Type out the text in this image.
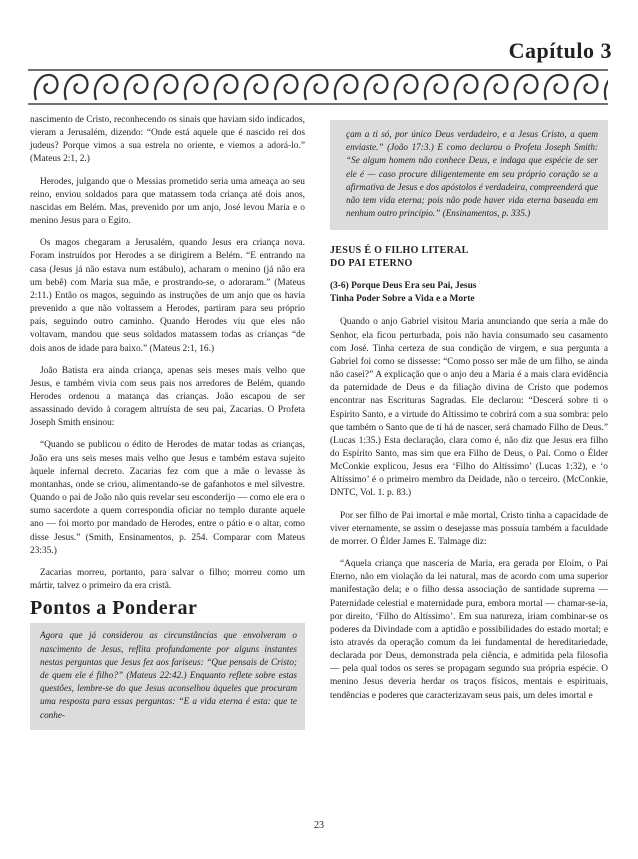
Capítulo 3

nascimento de Cristo, reconhecendo os sinais que haviam sido indicados, vieram a Jerusalém, dizendo: “Onde está aquele que é nascido rei dos judeus? Porque vimos a sua estrela no oriente, e viemos a adorá-lo.” (Mateus 2:1, 2.)

Herodes, julgando que o Messias prometido seria uma ameaça ao seu reino, enviou soldados para que matassem toda criança até dois anos, nascidas em Belém. Mas, prevenido por um anjo, José levou Maria e o menino Jesus para o Egito.

Os magos chegaram a Jerusalém, quando Jesus era criança nova. Foram instruídos por Herodes a se dirigirem a Belém. “E entrando na casa (Jesus já não estava num estábulo), acharam o menino (já não era um bebê) com Maria sua mãe, e prostrando-se, o adoraram.” (Mateus 2:11.) Então os magos, seguindo as instruções de um anjo que os havia prevenido a que não voltassem a Herodes, partiram para seu próprio país, seguindo outro caminho. Quando Herodes viu que eles não voltavam, mandou que seus soldados matassem todas as crianças “de dois anos de idade para baixo.” (Mateus 2:1, 16.)

João Batista era ainda criança, apenas seis meses mais velho que Jesus, e também vivia com seus pais nos arredores de Belém, quando Herodes ordenou a matança das crianças. João escapou de ser assassinado devido à coragem altruísta de seu pai, Zacarias. O Profeta Joseph Smith ensinou:

“Quando se publicou o édito de Herodes de matar todas as crianças, João era uns seis meses mais velho que Jesus e também estava sujeito àquele infernal decreto. Zacarias fez com que a mãe o levasse às montanhas, onde se criou, alimentando-se de gafanhotos e mel silvestre. Quando o pai de João não quis revelar seu esconderijo — como ele era o sumo sacerdote a quem correspondia oficiar no templo durante aquele ano — foi morto por mandado de Herodes, entre o pátio e o altar, como disse Jesus.” (Smith, Ensinamentos, p. 254. Comparar com Mateus 23:35.)

Zacarias morreu, portanto, para salvar o filho; morreu como um mártir, talvez o primeiro da era cristã.

Pontos a Ponderar
Agora que já considerou as circunstâncias que envolveram o nascimento de Jesus, reflita profundamente por alguns instantes nestas perguntas que Jesus fez aos fariseus: “Que pensais de Cristo; de quem ele é filho?” (Mateus 22:42.) Enquanto reflete sobre estas questões, lembre-se do que Jesus aconselhou àqueles que procuram uma resposta para essas perguntas: “E a vida eterna é esta: que te conhe-
çam a ti só, por único Deus verdadeiro, e a Jesus Cristo, a quem enviaste.” (João 17:3.) E como declarou o Profeta Joseph Smith: “Se algum homem não conhece Deus, e indaga que espécie de ser ele é — caso procure diligentemente em seu próprio coração se a afirmativa de Jesus e dos apóstolos é verdadeira, compreenderá que não tem vida eterna; pois não pode haver vida eterna baseada em nenhum outro princípio.” (Ensinamentos, p. 335.)
JESUS É O FILHO LITERAL
DO PAI ETERNO
(3-6) Porque Deus Era seu Pai, Jesus
Tinha Poder Sobre a Vida e a Morte

Quando o anjo Gabriel visitou Maria anunciando que seria a mãe do Senhor, ela ficou perturbada, pois não havia consumado seu casamento com José. Tinha certeza de sua condição de virgem, e sua pergunta a Gabriel foi como se dissesse: “Como posso ser mãe de um filho, se ainda não casei?” A explicação que o anjo deu a Maria é a mais clara evidência da paternidade de Deus e da filiação divina de Cristo que podemos encontrar nas Escrituras Sagradas. Ele declarou: “Descerá sobre ti o Espírito Santo, e a virtude do Altíssimo te cobrirá com a sua sombra: pelo que também o Santo que de ti há de nascer, será chamado Filho de Deus.” (Lucas 1:35.) Esta declaração, clara como é, não diz que Jesus era filho do Espírito Santo, mas sim que era Filho de Deus, o Pai. Como o Élder McConkie explicou, Jesus era ‘Filho do Altíssimo’ (Lucas 1:32), e ‘o Altíssimo’ é o primeiro membro da Deidade, não o terceiro. (McConkie, DNTC, Vol. 1. p. 83.)

Por ser filho de Pai imortal e mãe mortal, Cristo tinha a capacidade de viver eternamente, se assim o desejasse mas possuía também a faculdade de morrer. O Élder James E. Talmage diz:

“Aquela criança que nasceria de Maria, era gerada por Eloim, o Pai Eterno, não em violação da lei natural, mas de acordo com uma superior manifestação dela; e o filho dessa associação de santidade suprema — Paternidade celestial e maternidade pura, embora mortal — chamar-se-ia, por direito, ‘Filho do Altíssimo’. Em sua natureza, iriam combinar-se os poderes da Divindade com a aptidão e possibilidades do estado mortal; e isto através da operação comum da lei fundamental de hereditariedade, declarada por Deus, demonstrada pela ciência, e admitida pela filosofia — pela qual todos os seres se propagam segundo sua própria espécie. O menino Jesus deveria herdar os traços físicos, mentais e espirituais, tendências e poderes que caracterizavam seus pais, um deles imortal e

23
